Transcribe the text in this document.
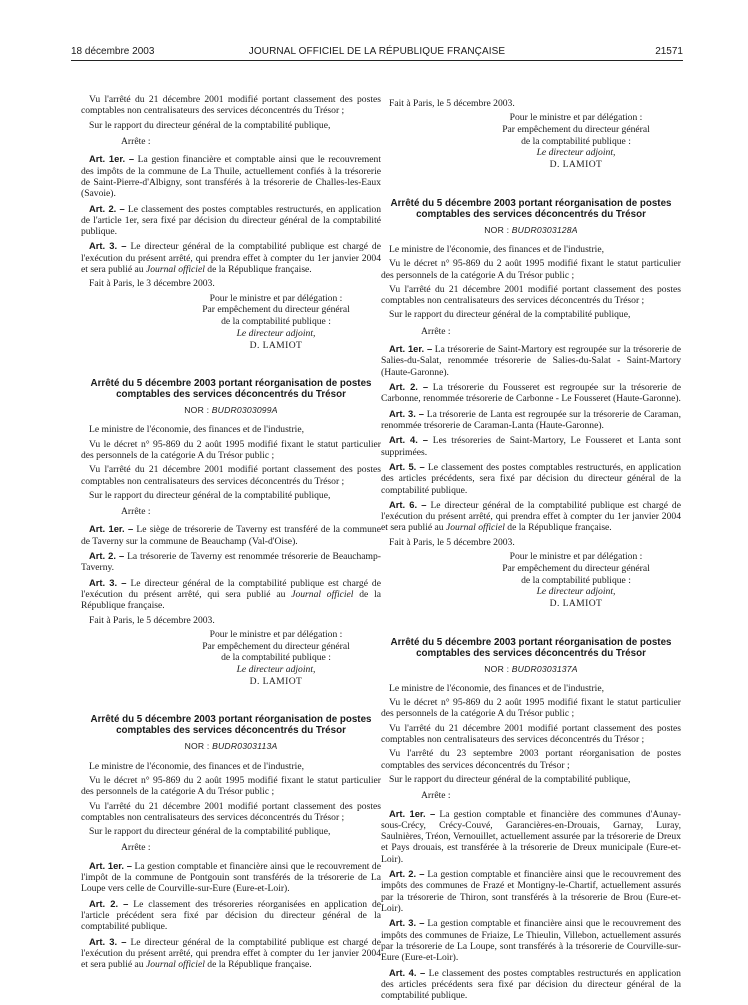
18 décembre 2003	JOURNAL OFFICIEL DE LA RÉPUBLIQUE FRANÇAISE	21571

Vu l'arrêté du 21 décembre 2001 modifié portant classement des postes comptables non centralisateurs des services déconcentrés du Trésor ;

Sur le rapport du directeur général de la comptabilité publique,

Arrête :

Art. 1er. – La gestion financière et comptable ainsi que le recouvrement des impôts de la commune de La Thuile, actuellement confiés à la trésorerie de Saint-Pierre-d'Albigny, sont transférés à la trésorerie de Challes-les-Eaux (Savoie).

Art. 2. – Le classement des postes comptables restructurés, en application de l'article 1er, sera fixé par décision du directeur général de la comptabilité publique.

Art. 3. – Le directeur général de la comptabilité publique est chargé de l'exécution du présent arrêté, qui prendra effet à compter du 1er janvier 2004 et sera publié au Journal officiel de la République française.

Fait à Paris, le 3 décembre 2003.

Pour le ministre et par délégation :
Par empêchement du directeur général
de la comptabilité publique :
Le directeur adjoint,
D. LAMIOT
Arrêté du 5 décembre 2003 portant réorganisation de postes comptables des services déconcentrés du Trésor
NOR : BUDR0303099A

Le ministre de l'économie, des finances et de l'industrie,

Vu le décret n° 95-869 du 2 août 1995 modifié fixant le statut particulier des personnels de la catégorie A du Trésor public ;

Vu l'arrêté du 21 décembre 2001 modifié portant classement des postes comptables non centralisateurs des services déconcentrés du Trésor ;

Sur le rapport du directeur général de la comptabilité publique,

Arrête :

Art. 1er. – Le siège de trésorerie de Taverny est transféré de la commune de Taverny sur la commune de Beauchamp (Val-d'Oise).

Art. 2. – La trésorerie de Taverny est renommée trésorerie de Beauchamp-Taverny.

Art. 3. – Le directeur général de la comptabilité publique est chargé de l'exécution du présent arrêté, qui sera publié au Journal officiel de la République française.

Fait à Paris, le 5 décembre 2003.

Pour le ministre et par délégation :
Par empêchement du directeur général
de la comptabilité publique :
Le directeur adjoint,
D. LAMIOT
Arrêté du 5 décembre 2003 portant réorganisation de postes comptables des services déconcentrés du Trésor
NOR : BUDR0303113A

Le ministre de l'économie, des finances et de l'industrie,

Vu le décret n° 95-869 du 2 août 1995 modifié fixant le statut particulier des personnels de la catégorie A du Trésor public ;

Vu l'arrêté du 21 décembre 2001 modifié portant classement des postes comptables non centralisateurs des services déconcentrés du Trésor ;

Sur le rapport du directeur général de la comptabilité publique,

Arrête :

Art. 1er. – La gestion comptable et financière ainsi que le recouvrement de l'impôt de la commune de Pontgouin sont transférés de la trésorerie de La Loupe vers celle de Courville-sur-Eure (Eure-et-Loir).

Art. 2. – Le classement des trésoreries réorganisées en application de l'article précédent sera fixé par décision du directeur général de la comptabilité publique.

Art. 3. – Le directeur général de la comptabilité publique est chargé de l'exécution du présent arrêté, qui prendra effet à compter du 1er janvier 2004 et sera publié au Journal officiel de la République française.

Fait à Paris, le 5 décembre 2003.

Pour le ministre et par délégation :
Par empêchement du directeur général
de la comptabilité publique :
Le directeur adjoint,
D. LAMIOT
Arrêté du 5 décembre 2003 portant réorganisation de postes comptables des services déconcentrés du Trésor
NOR : BUDR0303128A

Le ministre de l'économie, des finances et de l'industrie,

Vu le décret n° 95-869 du 2 août 1995 modifié fixant le statut particulier des personnels de la catégorie A du Trésor public ;

Vu l'arrêté du 21 décembre 2001 modifié portant classement des postes comptables non centralisateurs des services déconcentrés du Trésor ;

Sur le rapport du directeur général de la comptabilité publique,

Arrête :

Art. 1er. – La trésorerie de Saint-Martory est regroupée sur la trésorerie de Salies-du-Salat, renommée trésorerie de Salies-du-Salat - Saint-Martory (Haute-Garonne).

Art. 2. – La trésorerie du Fousseret est regroupée sur la trésorerie de Carbonne, renommée trésorerie de Carbonne - Le Fousseret (Haute-Garonne).

Art. 3. – La trésorerie de Lanta est regroupée sur la trésorerie de Caraman, renommée trésorerie de Caraman-Lanta (Haute-Garonne).

Art. 4. – Les trésoreries de Saint-Martory, Le Fousseret et Lanta sont supprimées.

Art. 5. – Le classement des postes comptables restructurés, en application des articles précédents, sera fixé par décision du directeur général de la comptabilité publique.

Art. 6. – Le directeur général de la comptabilité publique est chargé de l'exécution du présent arrêté, qui prendra effet à compter du 1er janvier 2004 et sera publié au Journal officiel de la République française.

Fait à Paris, le 5 décembre 2003.

Pour le ministre et par délégation :
Par empêchement du directeur général
de la comptabilité publique :
Le directeur adjoint,
D. LAMIOT
Arrêté du 5 décembre 2003 portant réorganisation de postes comptables des services déconcentrés du Trésor
NOR : BUDR0303137A

Le ministre de l'économie, des finances et de l'industrie,

Vu le décret n° 95-869 du 2 août 1995 modifié fixant le statut particulier des personnels de la catégorie A du Trésor public ;

Vu l'arrêté du 21 décembre 2001 modifié portant classement des postes comptables non centralisateurs des services déconcentrés du Trésor ;

Vu l'arrêté du 23 septembre 2003 portant réorganisation de postes comptables des services déconcentrés du Trésor ;

Sur le rapport du directeur général de la comptabilité publique,

Arrête :

Art. 1er. – La gestion comptable et financière des communes d'Aunay-sous-Crécy, Crécy-Couvé, Garancières-en-Drouais, Garnay, Luray, Saulnières, Tréon, Vernouillet, actuellement assurée par la trésorerie de Dreux et Pays drouais, est transférée à la trésorerie de Dreux municipale (Eure-et-Loir).

Art. 2. – La gestion comptable et financière ainsi que le recouvrement des impôts des communes de Frazé et Montigny-le-Chartif, actuellement assurés par la trésorerie de Thiron, sont transférés à la trésorerie de Brou (Eure-et-Loir).

Art. 3. – La gestion comptable et financière ainsi que le recouvrement des impôts des communes de Friaize, Le Thieulin, Villebon, actuellement assurés par la trésorerie de La Loupe, sont transférés à la trésorerie de Courville-sur-Eure (Eure-et-Loir).

Art. 4. – Le classement des postes comptables restructurés en application des articles précédents sera fixé par décision du directeur général de la comptabilité publique.
